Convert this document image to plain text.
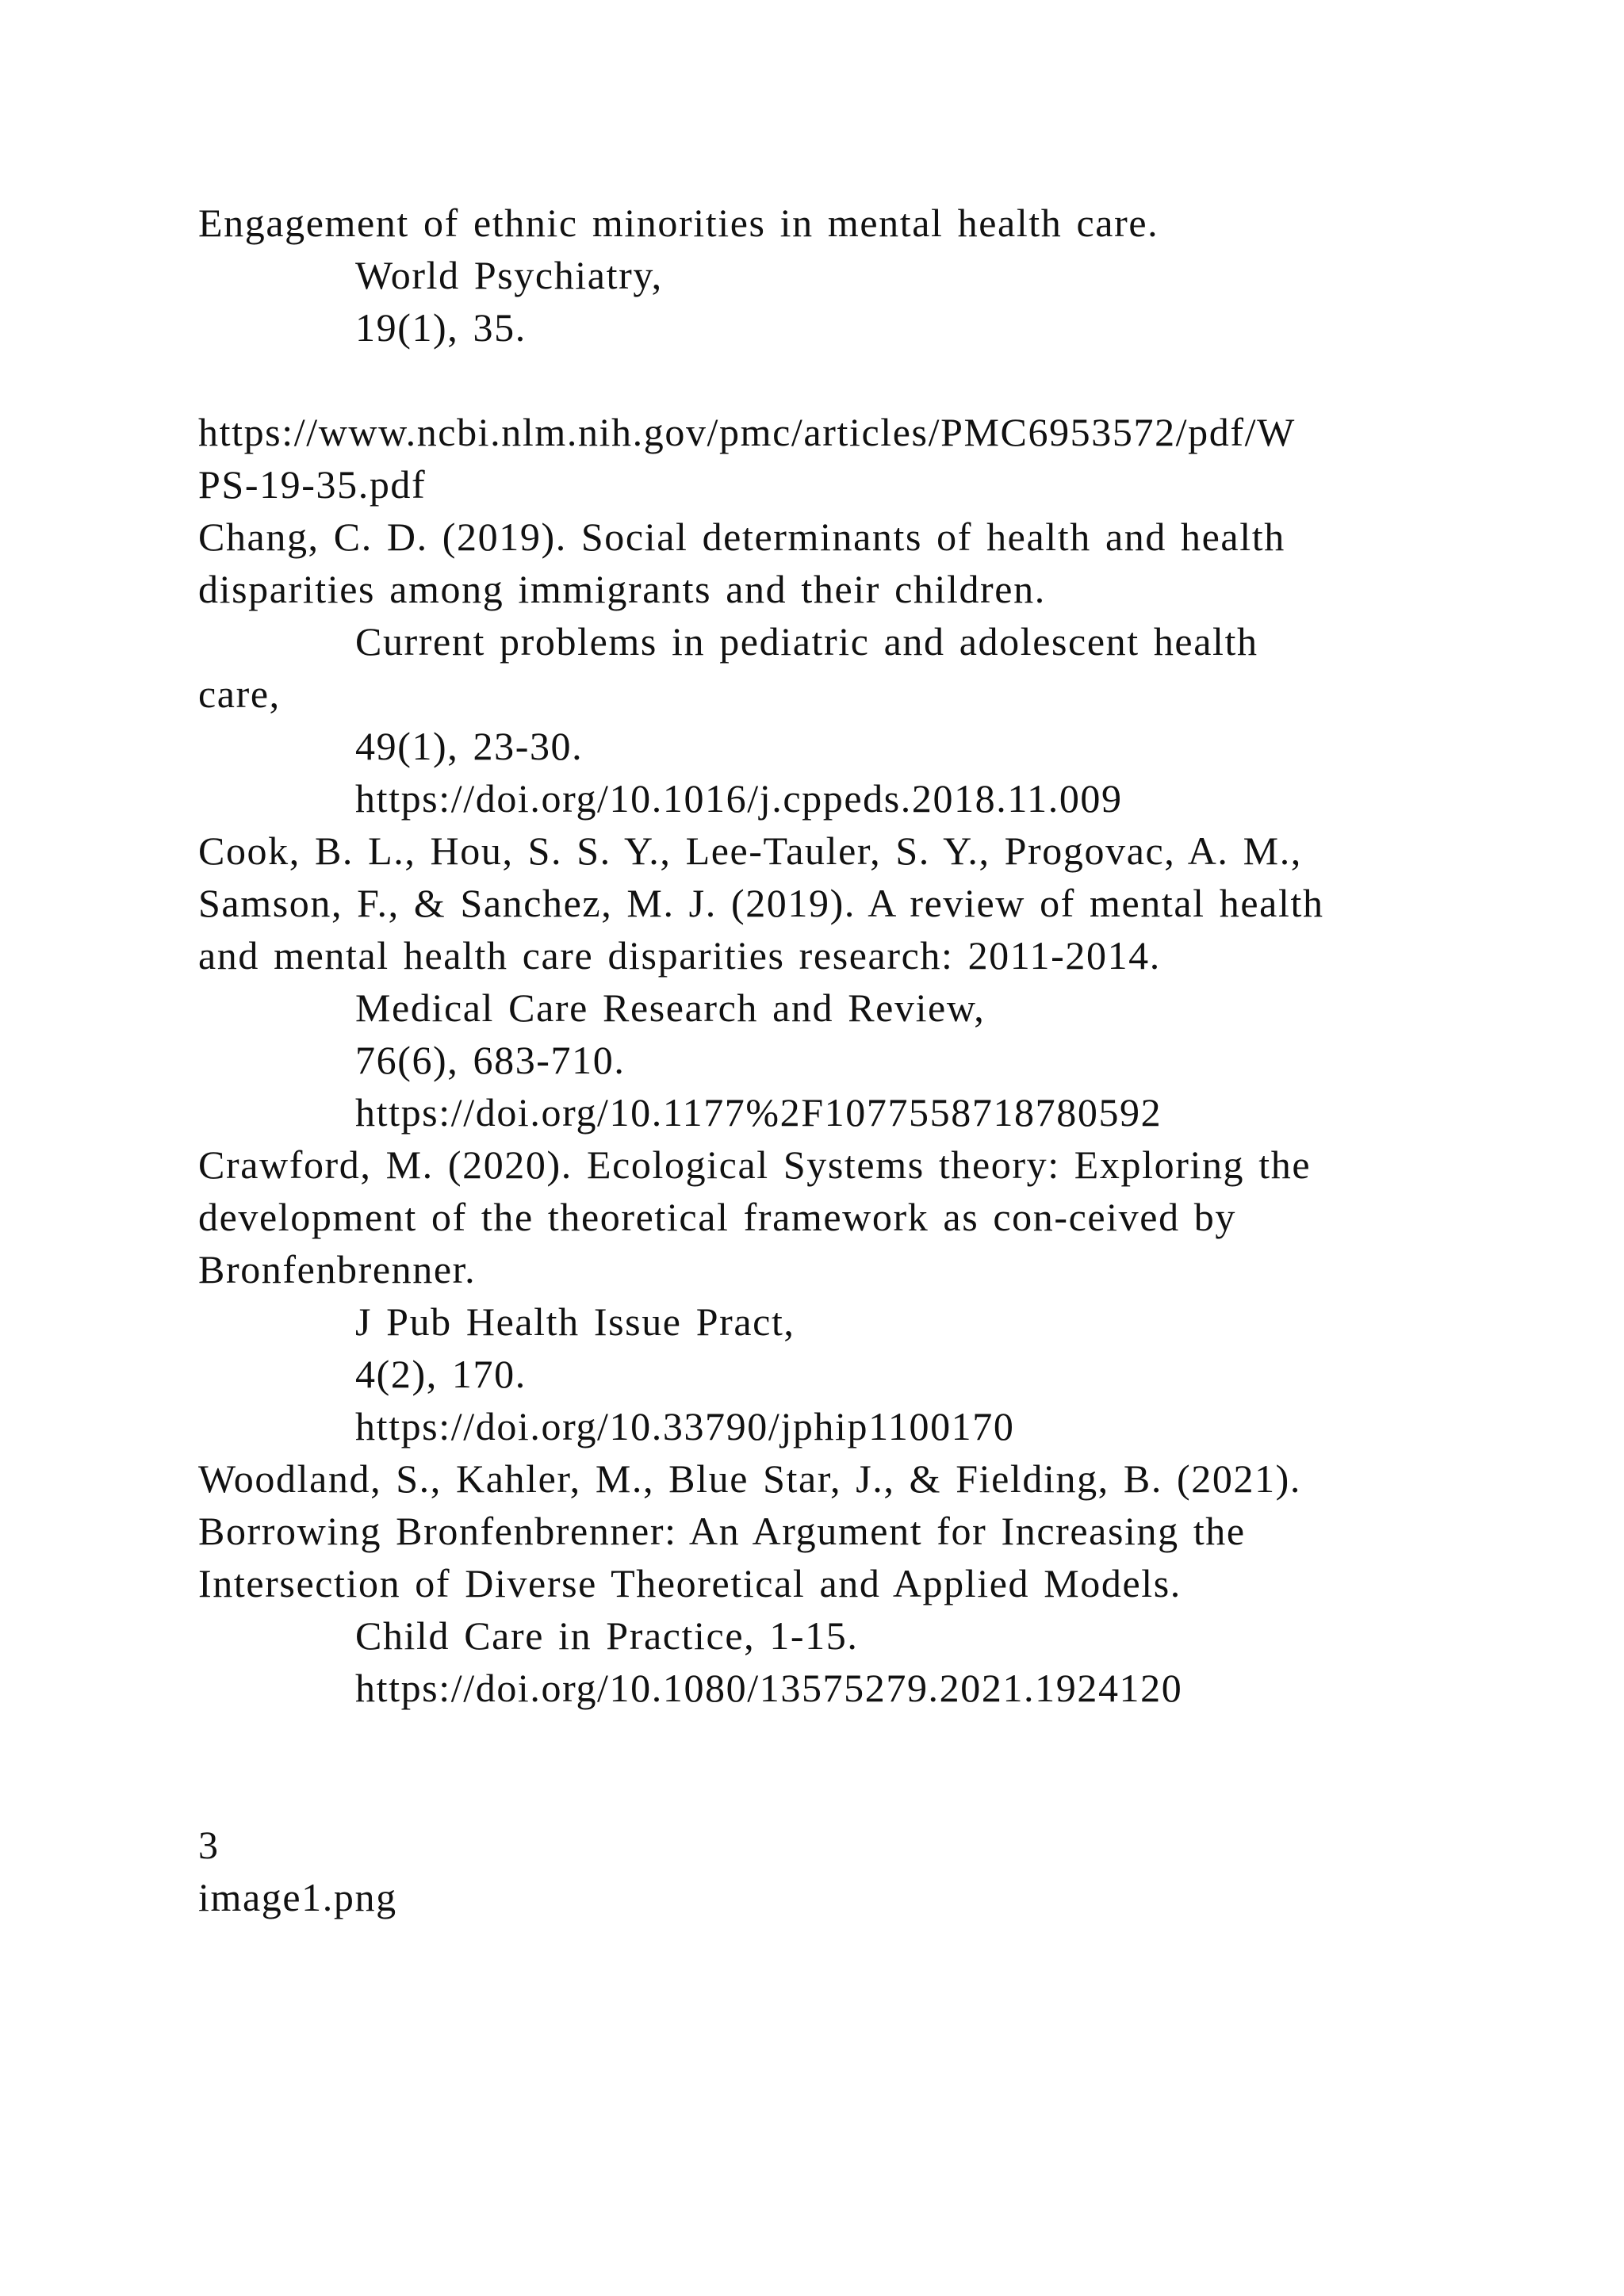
Engagement of ethnic minorities in mental health care.
World Psychiatry,
19(1), 35.
https://www.ncbi.nlm.nih.gov/pmc/articles/PMC6953572/pdf/W
PS-19-35.pdf
Chang, C. D. (2019). Social determinants of health and health
disparities among immigrants and their children.
Current problems in pediatric and adolescent health
care,
49(1), 23-30.
https://doi.org/10.1016/j.cppeds.2018.11.009
Cook, B. L., Hou, S. S. Y., Lee-Tauler, S. Y., Progovac, A. M.,
Samson, F., & Sanchez, M. J. (2019). A review of mental health
and mental health care disparities research: 2011-2014.
Medical Care Research and Review,
76(6), 683-710.
https://doi.org/10.1177%2F1077558718780592
Crawford, M. (2020). Ecological Systems theory: Exploring the
development of the theoretical framework as con-ceived by
Bronfenbrenner.
J Pub Health Issue Pract,
4(2), 170.
https://doi.org/10.33790/jphip1100170
Woodland, S., Kahler, M., Blue Star, J., & Fielding, B. (2021).
Borrowing Bronfenbrenner: An Argument for Increasing the
Intersection of Diverse Theoretical and Applied Models.
Child Care in Practice, 1-15.
https://doi.org/10.1080/13575279.2021.1924120
3
image1.png
